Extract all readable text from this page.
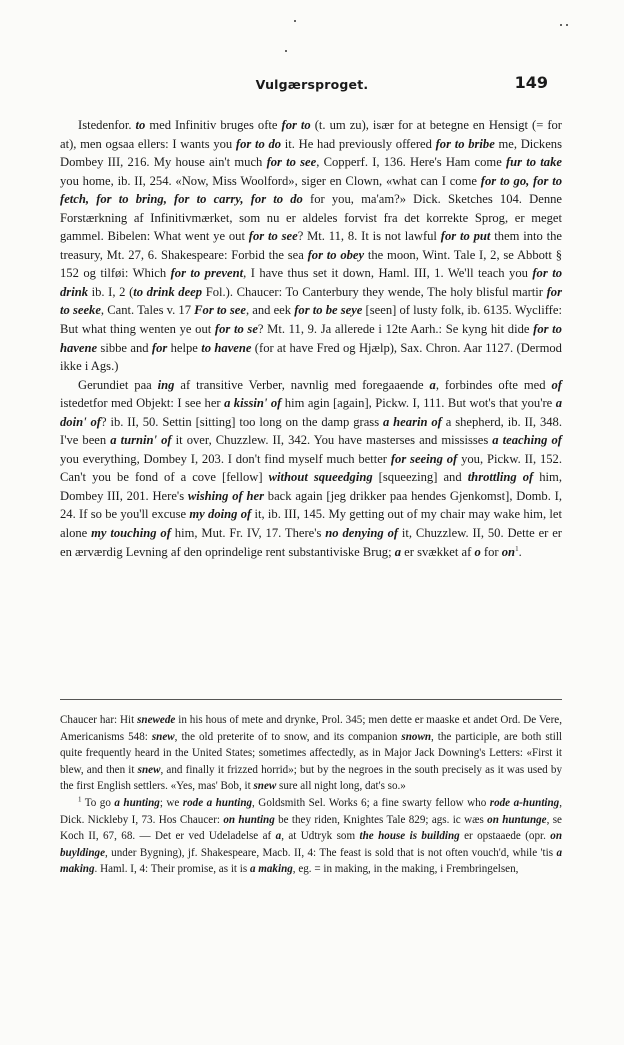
Vulgærsproget.	149

Istedenfor. to med Infinitiv bruges ofte for to (t. um zu), især for at betegne en Hensigt (= for at), men ogsaa ellers: I wants you for to do it. He had previously offered for to bribe me, Dickens Dombey III, 216. My house ain't much for to see, Copperf. I, 136. Here's Ham come fur to take you home, ib. II, 254. «Now, Miss Woolford», siger en Clown, «what can I come for to go, for to fetch, for to bring, for to carry, for to do for you, ma'am?» Dick. Sketches 104. Denne Forstærkning af Infinitivmærket, som nu er aldeles forvist fra det korrekte Sprog, er meget gammel. Bibelen: What went ye out for to see? Mt. 11, 8. It is not lawful for to put them into the treasury, Mt. 27, 6. Shakespeare: Forbid the sea for to obey the moon, Wint. Tale I, 2, se Abbott § 152 og tilføi: Which for to prevent, I have thus set it down, Haml. III, 1. We'll teach you for to drink ib. I, 2 (to drink deep Fol.). Chaucer: To Canterbury they wende, The holy blisful martir for to seeke, Cant. Tales v. 17 For to see, and eek for to be seye [seen] of lusty folk, ib. 6135. Wycliffe: But what thing wenten ye out for to se? Mt. 11, 9. Ja allerede i 12te Aarh.: Se kyng hit dide for to havene sibbe and for helpe to havene (for at have Fred og Hjælp), Sax. Chron. Aar 1127. (Dermod ikke i Ags.)

Gerundiet paa ing af transitive Verber, navnlig med foregaaende a, forbindes ofte med of istedetfor med Objekt: I see her a kissin' of him agin [again], Pickw. I, 111. But wot's that you're a doin' of? ib. II, 50. Settin [sitting] too long on the damp grass a hearin of a shepherd, ib. II, 348. I've been a turnin' of it over, Chuzzlew. II, 342. You have masterses and mississes a teaching of you everything, Dombey I, 203. I don't find myself much better for seeing of you, Pickw. II, 152. Can't you be fond of a cove [fellow] without squeedging [squeezing] and throttling of him, Dombey III, 201. Here's wishing of her back again [jeg drikker paa hendes Gjenkomst], Domb. I, 24. If so be you'll excuse my doing of it, ib. III, 145. My getting out of my chair may wake him, let alone my touching of him, Mut. Fr. IV, 17. There's no denying of it, Chuzzlew. II, 50. Dette er er en ærværdig Levning af den oprindelige rent substantiviske Brug; a er svækket af o for $on^1$.

Chaucer har: Hit snewede in his hous of mete and drynke, Prol. 345; men dette er maaske et andet Ord. De Vere, Americanisms 548: snew, the old preterite of to snow, and its companion snown, the participle, are both still quite frequently heard in the United States; sometimes affectedly, as in Major Jack Downing's Letters: «First it blew, and then it snew, and finally it frizzed horrid»; but by the negroes in the south precisely as it was used by the first English settlers. «Yes, mas' Bob, it snew sure all night long, dat's so.»

$^1$ To go a hunting; we rode a hunting, Goldsmith Sel. Works 6; a fine swarty fellow who rode a-hunting, Dick. Nickleby I, 73. Hos Chaucer: on hunting be they riden, Knightes Tale 829; ags. ic wæs on huntunge, se Koch II, 67, 68. — Det er ved Udeladelse af a, at Udtryk som the house is building er opstaaede (opr. on buyldinge, under Bygning), jf. Shakespeare, Macb. II, 4: The feast is sold that is not often vouch'd, while 'tis a making. Haml. I, 4: Their promise, as it is a making, eg. = in making, in the making, i Frembringelsen,
